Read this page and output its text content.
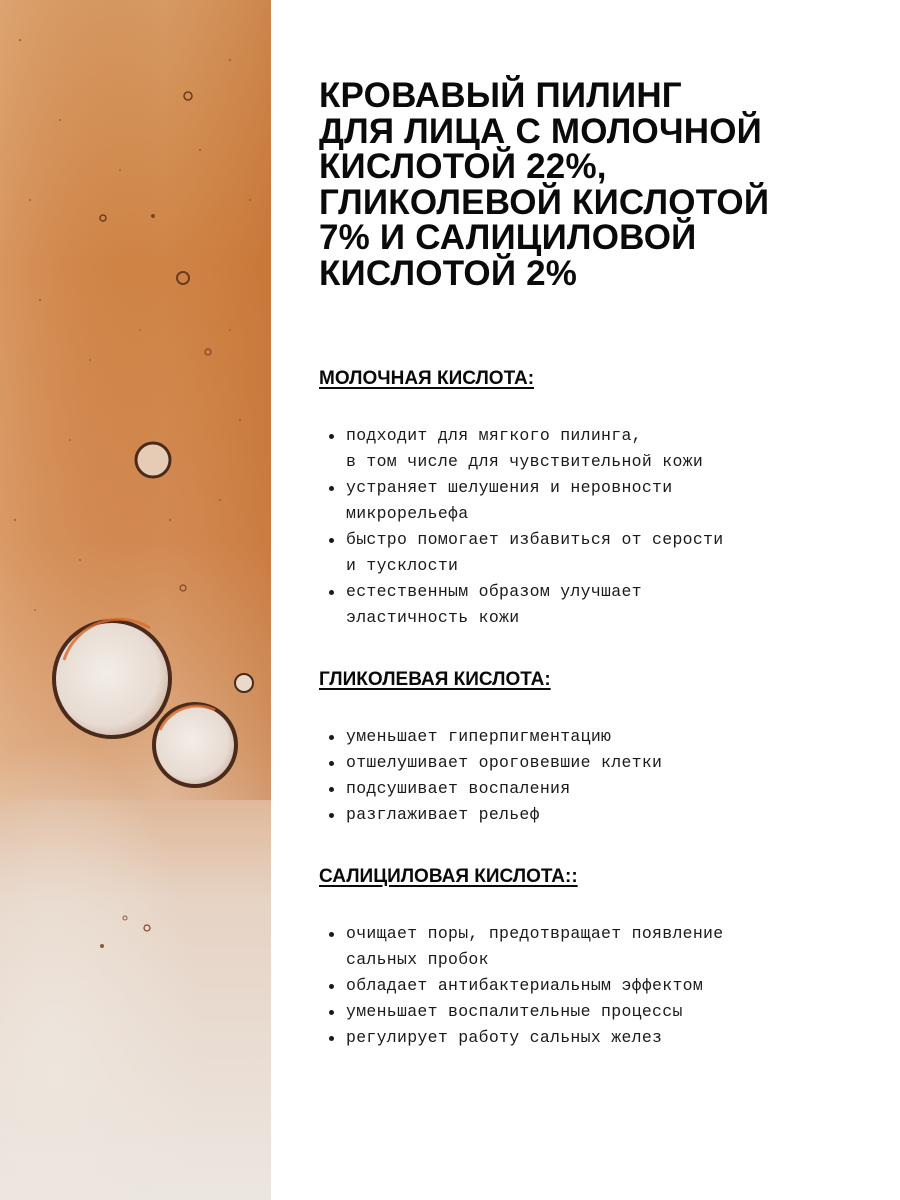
КРОВАВЫЙ ПИЛИНГ
ДЛЯ ЛИЦА С МОЛОЧНОЙ
КИСЛОТОЙ 22%,
ГЛИКОЛЕВОЙ КИСЛОТОЙ
7% И САЛИЦИЛОВОЙ
КИСЛОТОЙ 2%
МОЛОЧНАЯ КИСЛОТА:
подходит для мягкого пилинга,
в том числе для чувствительной кожи
устраняет шелушения и неровности
микрорельефа
быстро помогает избавиться от серости
и тусклости
естественным образом улучшает
эластичность кожи
ГЛИКОЛЕВАЯ КИСЛОТА:
уменьшает гиперпигментацию
отшелушивает ороговевшие клетки
подсушивает воспаления
разглаживает рельеф
САЛИЦИЛОВАЯ КИСЛОТА::
очищает поры, предотвращает появление
сальных пробок
обладает антибактериальным эффектом
уменьшает воспалительные процессы
регулирует работу сальных желез
